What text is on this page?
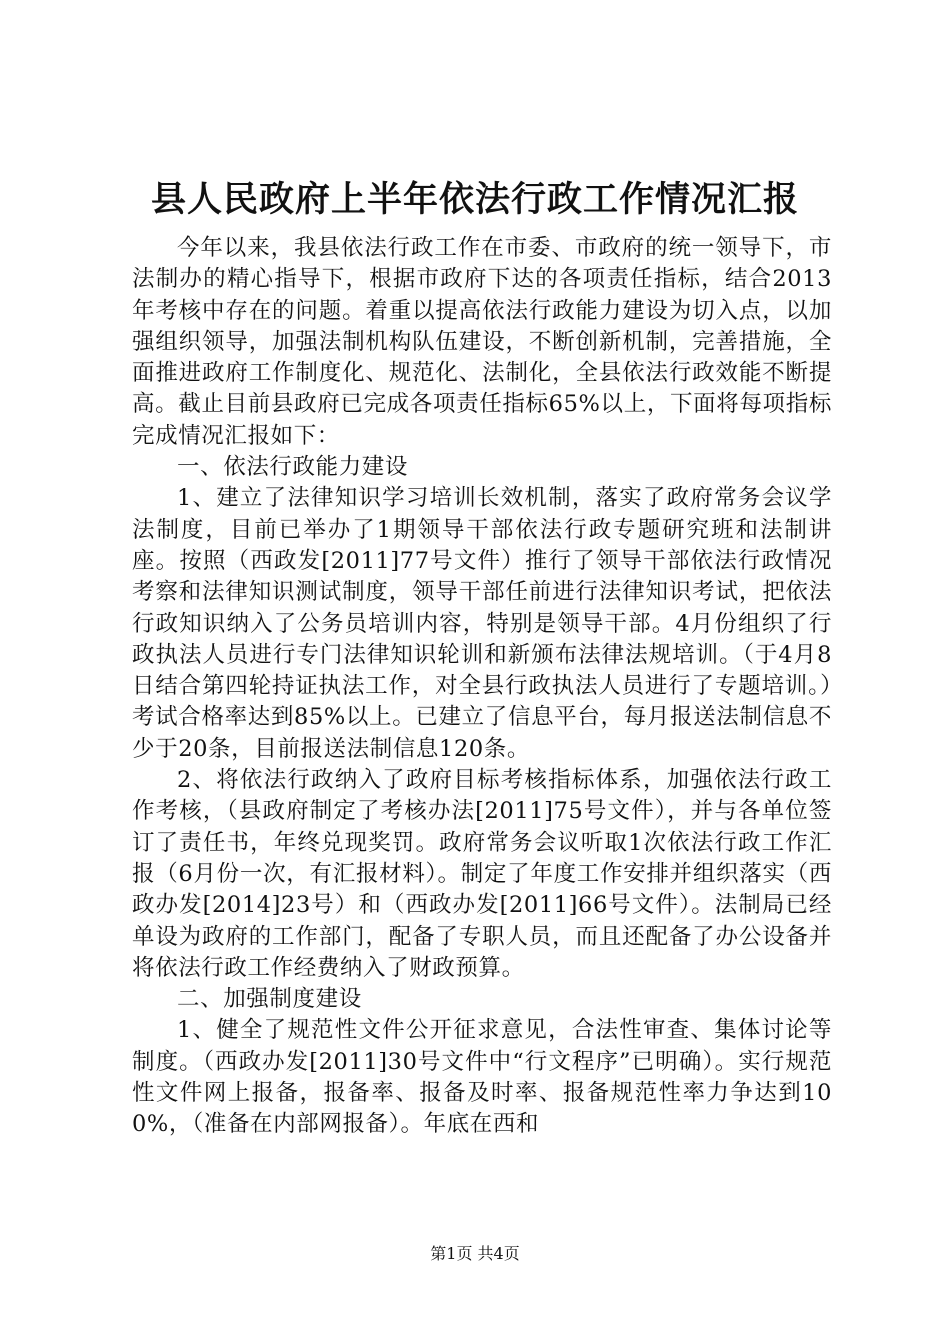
县人民政府上半年依法行政工作情况汇报

今年以来，我县依法行政工作在市委、市政府的统一领导下，市法制办的精心指导下，根据市政府下达的各项责任指标，结合2013年考核中存在的问题。着重以提高依法行政能力建设为切入点，以加强组织领导，加强法制机构队伍建设，不断创新机制，完善措施，全面推进政府工作制度化、规范化、法制化，全县依法行政效能不断提高。截止目前县政府已完成各项责任指标65%以上，下面将每项指标完成情况汇报如下：

一、依法行政能力建设

1、建立了法律知识学习培训长效机制，落实了政府常务会议学法制度，目前已举办了1期领导干部依法行政专题研究班和法制讲座。按照（西政发[2011]77号文件）推行了领导干部依法行政情况考察和法律知识测试制度，领导干部任前进行法律知识考试，把依法行政知识纳入了公务员培训内容，特别是领导干部。4月份组织了行政执法人员进行专门法律知识轮训和新颁布法律法规培训。（于4月8日结合第四轮持证执法工作，对全县行政执法人员进行了专题培训。）考试合格率达到85%以上。已建立了信息平台，每月报送法制信息不少于20条，目前报送法制信息120条。

2、将依法行政纳入了政府目标考核指标体系，加强依法行政工作考核，（县政府制定了考核办法[2011]75号文件），并与各单位签订了责任书，年终兑现奖罚。政府常务会议听取1次依法行政工作汇报（6月份一次，有汇报材料）。制定了年度工作安排并组织落实（西政办发[2014]23号）和（西政办发[2011]66号文件）。法制局已经单设为政府的工作部门，配备了专职人员，而且还配备了办公设备并将依法行政工作经费纳入了财政预算。

二、加强制度建设

1、健全了规范性文件公开征求意见，合法性审查、集体讨论等制度。（西政办发[2011]30号文件中“行文程序”已明确）。实行规范性文件网上报备，报备率、报备及时率、报备规范性率力争达到100%，（准备在内部网报备）。年底在西和

第1页 共4页
